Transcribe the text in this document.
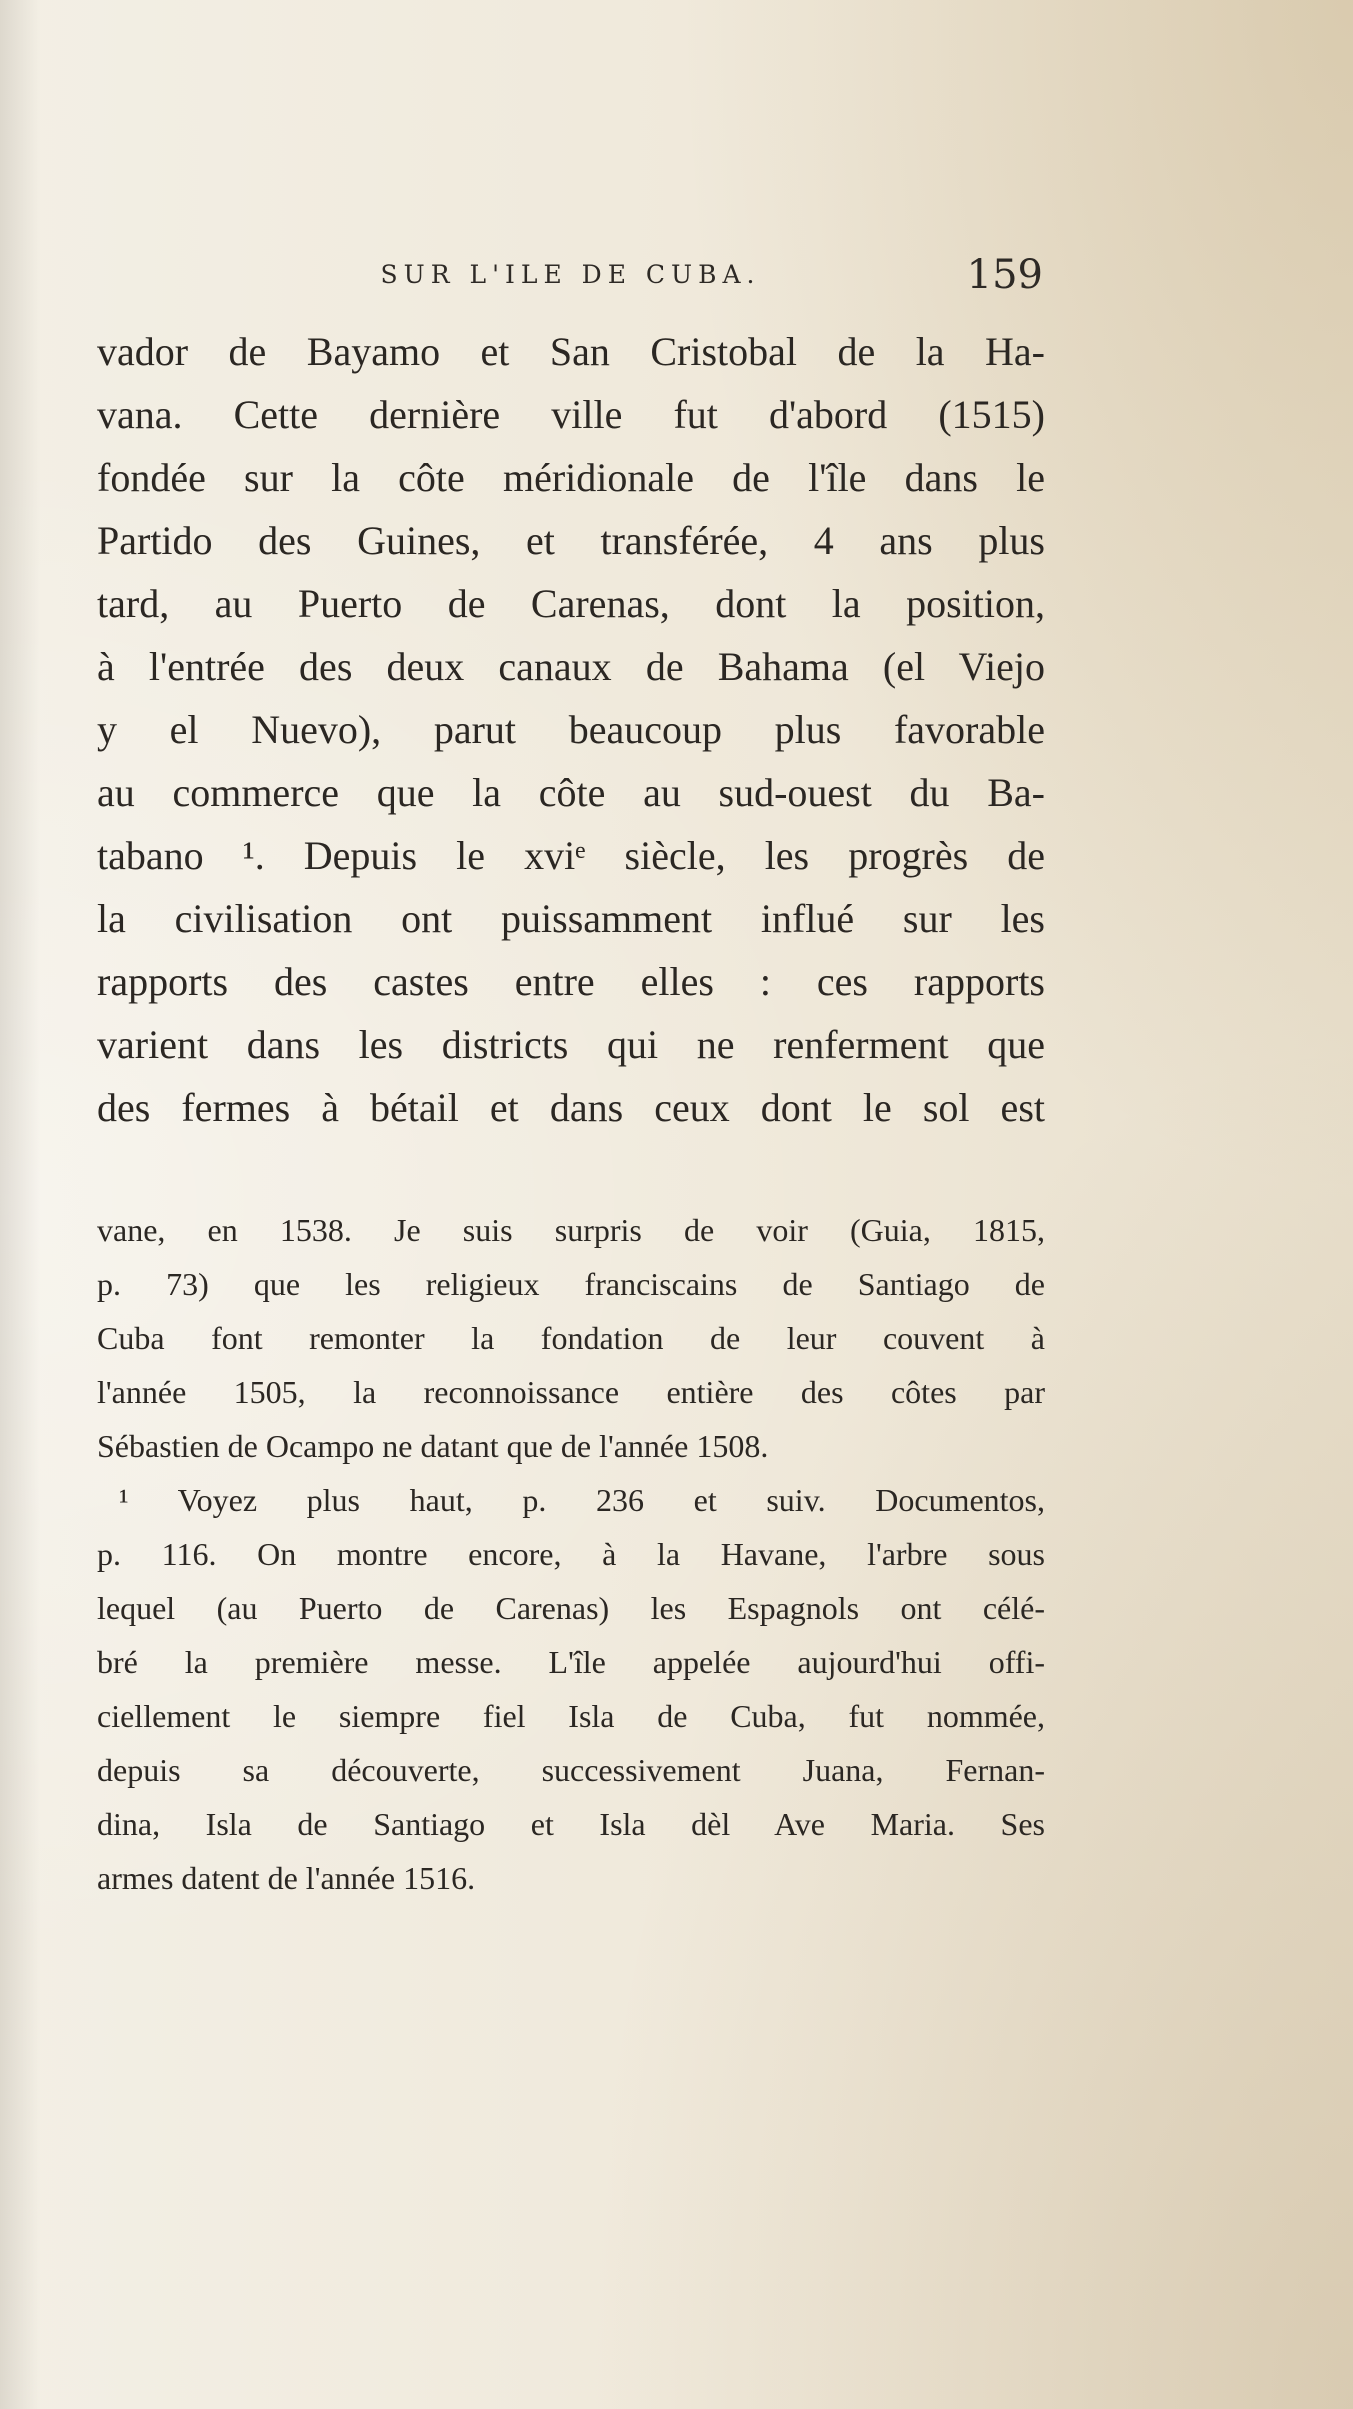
SUR L'ILE DE CUBA.	159
vador de Bayamo et San Cristobal de la Ha-
vana. Cette dernière ville fut d'abord (1515)
fondée sur la côte méridionale de l'île dans le
Partido des Guines, et transférée, 4 ans plus
tard, au Puerto de Carenas, dont la position,
à l'entrée des deux canaux de Bahama (el Viejo
y el Nuevo), parut beaucoup plus favorable
au commerce que la côte au sud-ouest du Ba-
tabano ¹. Depuis le xviᵉ siècle, les progrès de
la civilisation ont puissamment influé sur les
rapports des castes entre elles : ces rapports
varient dans les districts qui ne renferment que
des fermes à bétail et dans ceux dont le sol est
vane, en 1538. Je suis surpris de voir (Guia, 1815,
p. 73) que les religieux franciscains de Santiago de
Cuba font remonter la fondation de leur couvent à
l'année 1505, la reconnoissance entière des côtes par
Sébastien de Ocampo ne datant que de l'année 1508.
¹ Voyez plus haut, p. 236 et suiv. Documentos,
p. 116. On montre encore, à la Havane, l'arbre sous
lequel (au Puerto de Carenas) les Espagnols ont célé-
bré la première messe. L'île appelée aujourd'hui offi-
ciellement le siempre fiel Isla de Cuba, fut nommée,
depuis sa découverte, successivement Juana, Fernan-
dina, Isla de Santiago et Isla dèl Ave Maria. Ses
armes datent de l'année 1516.
